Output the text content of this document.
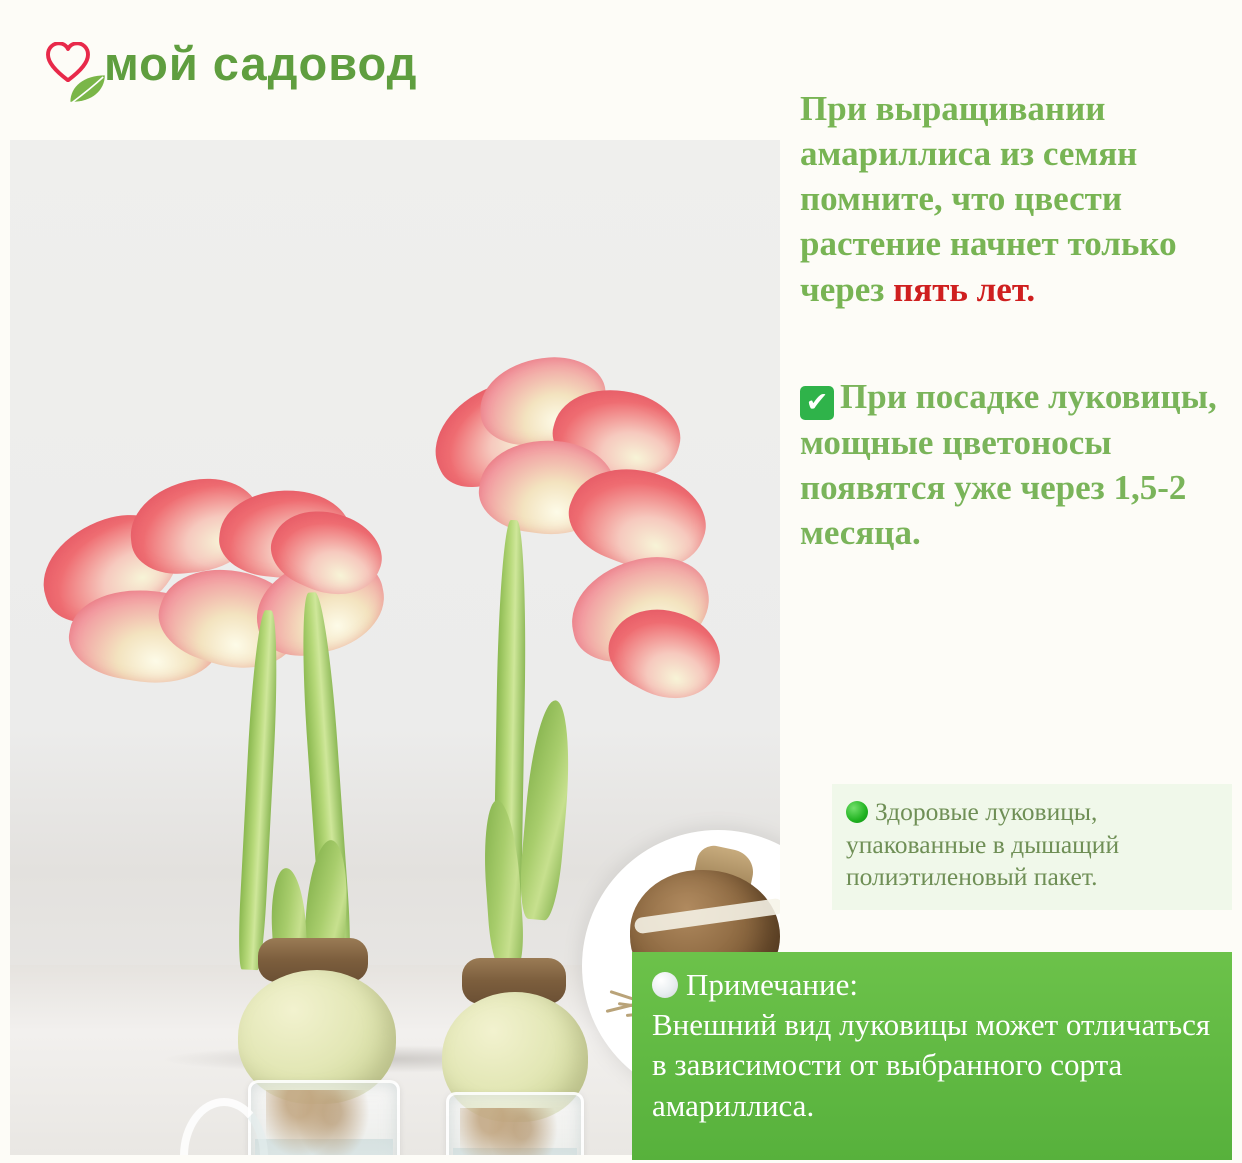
мой садовод
При выращивании амариллиса из семян помните, что цвести растение начнет только через пять лет.
✔ При посадке луковицы, мощные цветоносы появятся уже через 1,5-2 месяца.
Здоровые луковицы, упакованные в дышащий полиэтиленовый пакет.
Примечание:
Внешний вид луковицы может отличаться в зависимости от выбранного сорта амариллиса.
